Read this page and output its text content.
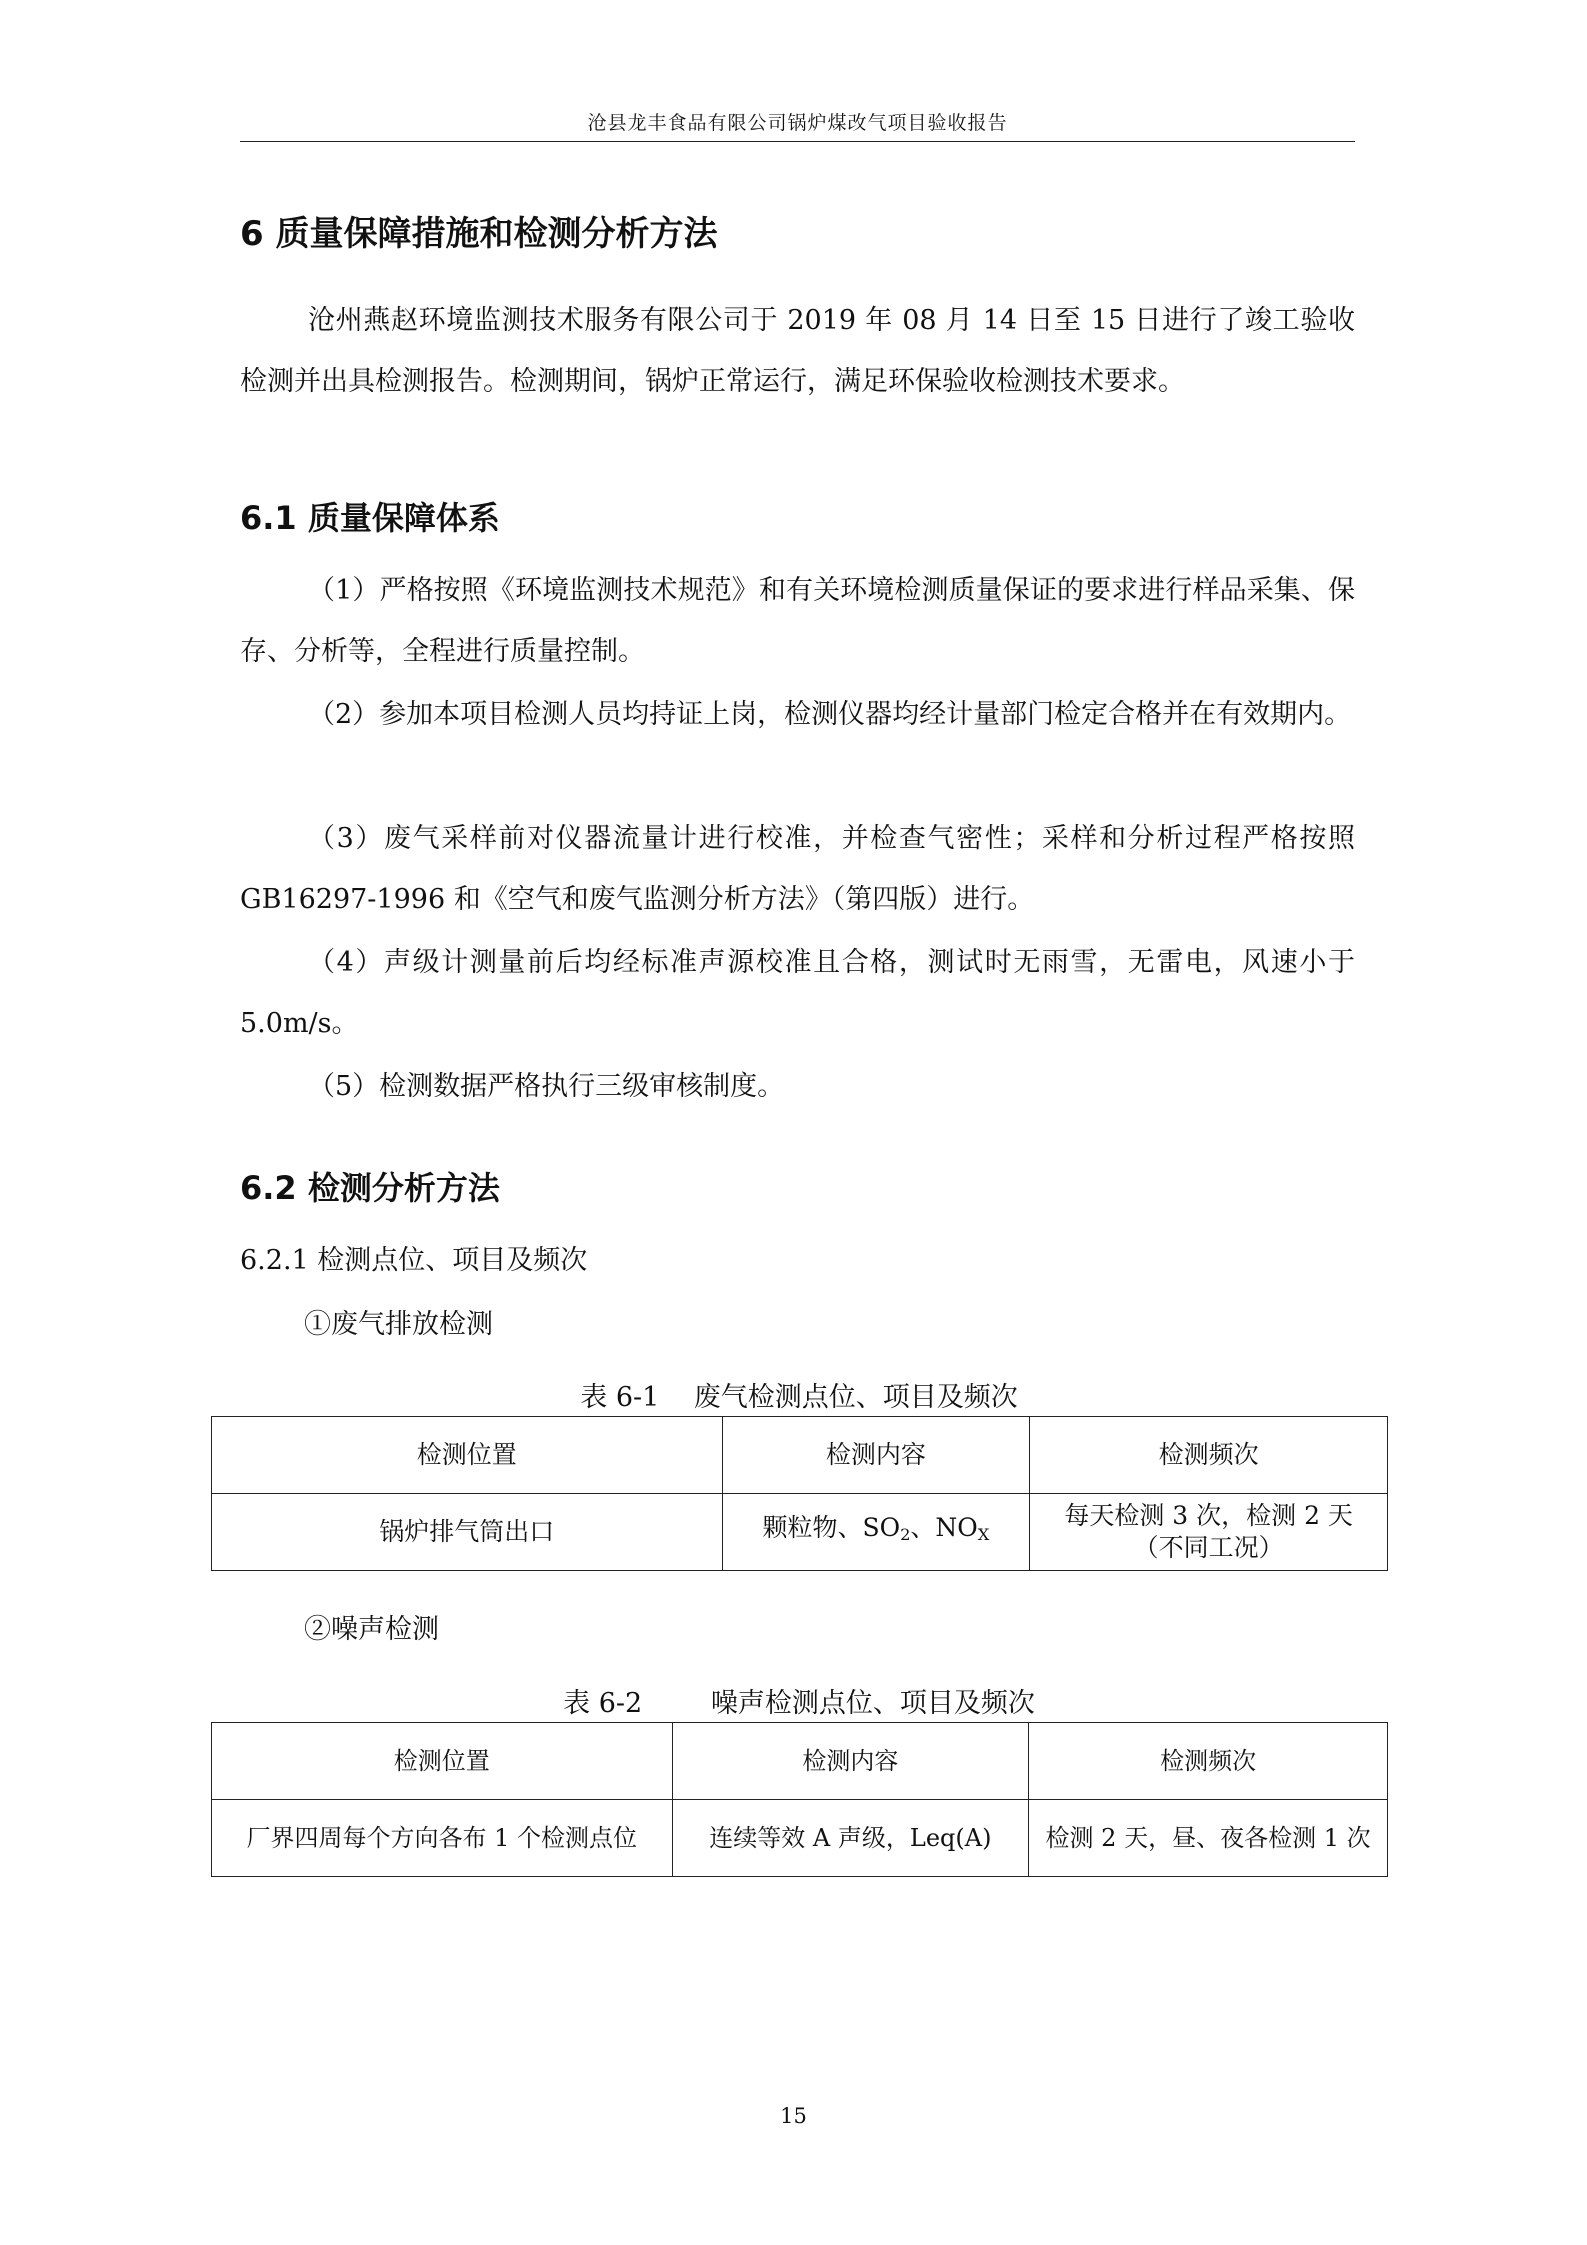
沧县龙丰食品有限公司锅炉煤改气项目验收报告
6 质量保障措施和检测分析方法

沧州燕赵环境监测技术服务有限公司于 2019 年 08 月 14 日至 15 日进行了竣工验收检测并出具检测报告。检测期间，锅炉正常运行，满足环保验收检测技术要求。

6.1 质量保障体系

（1）严格按照《环境监测技术规范》和有关环境检测质量保证的要求进行样品采集、保存、分析等，全程进行质量控制。

（2）参加本项目检测人员均持证上岗，检测仪器均经计量部门检定合格并在有效期内。

（3）废气采样前对仪器流量计进行校准，并检查气密性；采样和分析过程严格按照 GB16297-1996 和《空气和废气监测分析方法》（第四版）进行。

（4）声级计测量前后均经标准声源校准且合格，测试时无雨雪，无雷电，风速小于 5.0m/s。

（5）检测数据严格执行三级审核制度。

6.2 检测分析方法
6.2.1 检测点位、项目及频次
①废气排放检测
表 6-1    废气检测点位、项目及频次
检测位置	检测内容	检测频次
锅炉排气筒出口	颗粒物、$SO_2$、$NO_X$	每天检测 3 次，检测 2 天
（不同工况）
②噪声检测
表 6-2        噪声检测点位、项目及频次
检测位置	检测内容	检测频次
厂界四周每个方向各布 1 个检测点位	连续等效 A 声级，Leq(A)	检测 2 天，昼、夜各检测 1 次
15
